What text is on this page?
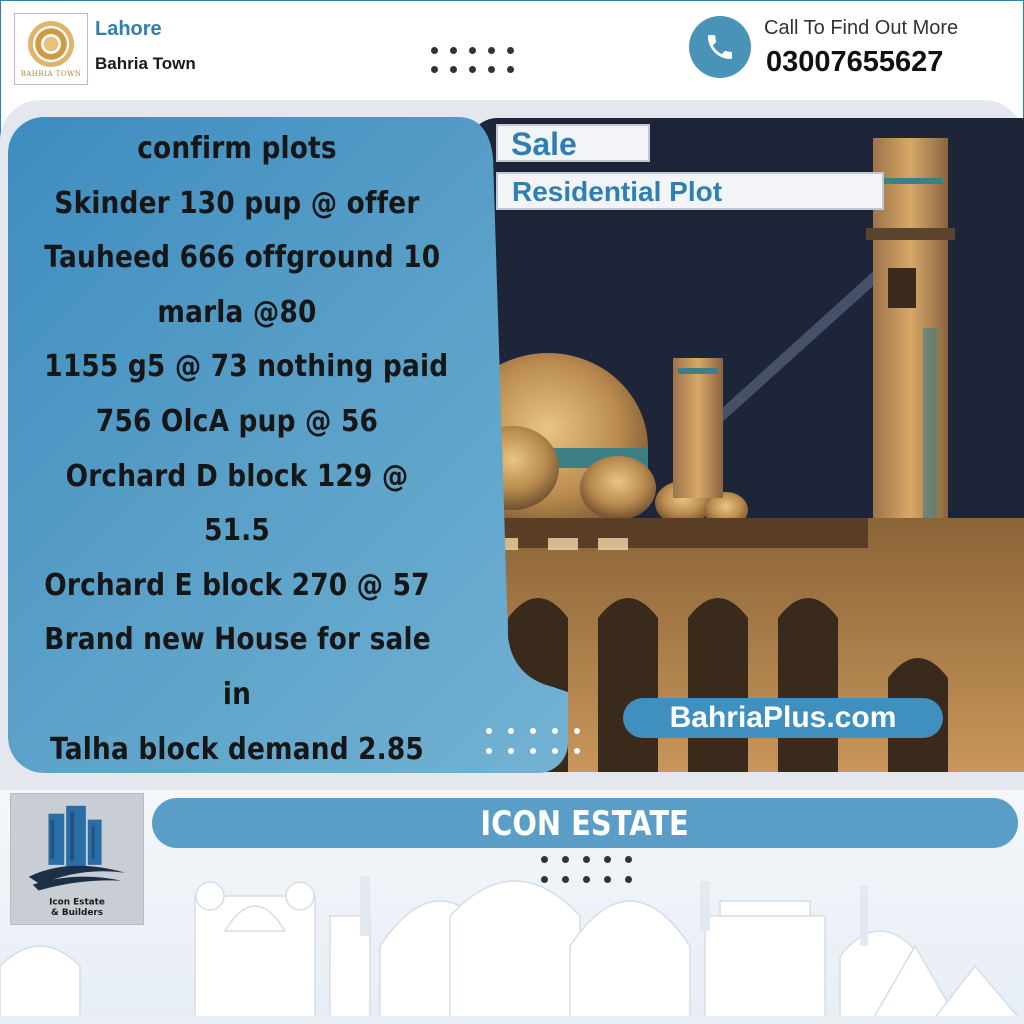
BAHRIA TOWN
Lahore
Bahria Town
Call To Find Out More
03007655627
confirm plots
Skinder 130 pup @ offer
Tauheed 666 offground 10
marla @80
1155 g5 @ 73 nothing paid
756 OlcA pup @ 56
Orchard D block 129 @
51.5
Orchard E block 270 @ 57
Brand new House for sale
in
Talha block demand 2.85
Sale
Residential Plot
BahriaPlus.com
Icon Estate
& Builders
ICON ESTATE
